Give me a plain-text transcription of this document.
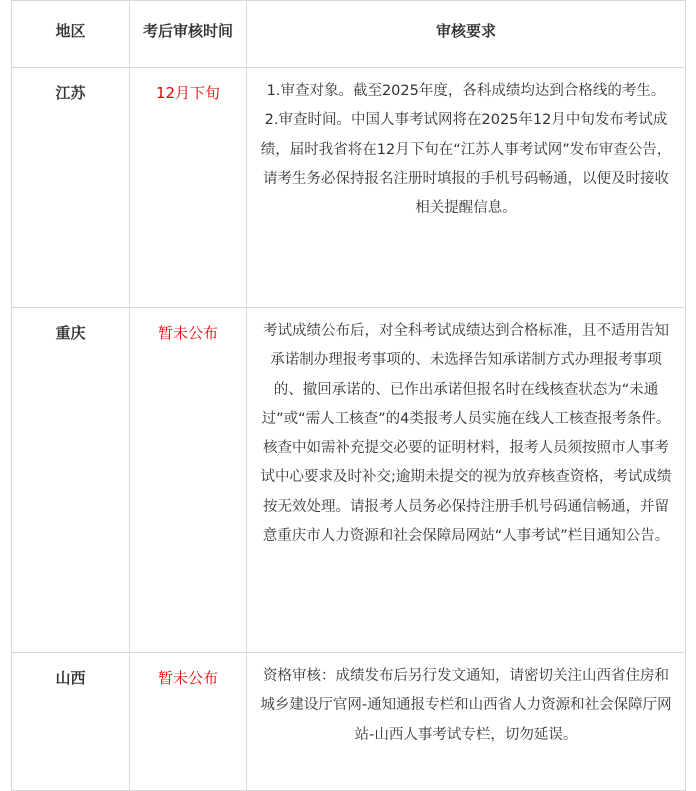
地区	考后审核时间	审核要求
江苏	12月下旬	1.审查对象。截至2025年度，各科成绩均达到合格线的考生。

2.审查时间。中国人事考试网将在2025年12月中旬发布考试成绩，届时我省将在12月下旬在“江苏人事考试网”发布审查公告，请考生务必保持报名注册时填报的手机号码畅通，以便及时接收相关提醒信息。

重庆	暂未公布	考试成绩公布后，对全科考试成绩达到合格标准，且不适用告知承诺制办理报考事项的、未选择告知承诺制方式办理报考事项的、撤回承诺的、已作出承诺但报名时在线核查状态为“未通过”或“需人工核查”的4类报考人员实施在线人工核查报考条件。核查中如需补充提交必要的证明材料，报考人员须按照市人事考试中心要求及时补交;逾期未提交的视为放弃核查资格，考试成绩按无效处理。请报考人员务必保持注册手机号码通信畅通，并留意重庆市人力资源和社会保障局网站“人事考试”栏目通知公告。

山西	暂未公布	资格审核：成绩发布后另行发文通知，请密切关注山西省住房和城乡建设厅官网-通知通报专栏和山西省人力资源和社会保障厅网站-山西人事考试专栏，切勿延误。
